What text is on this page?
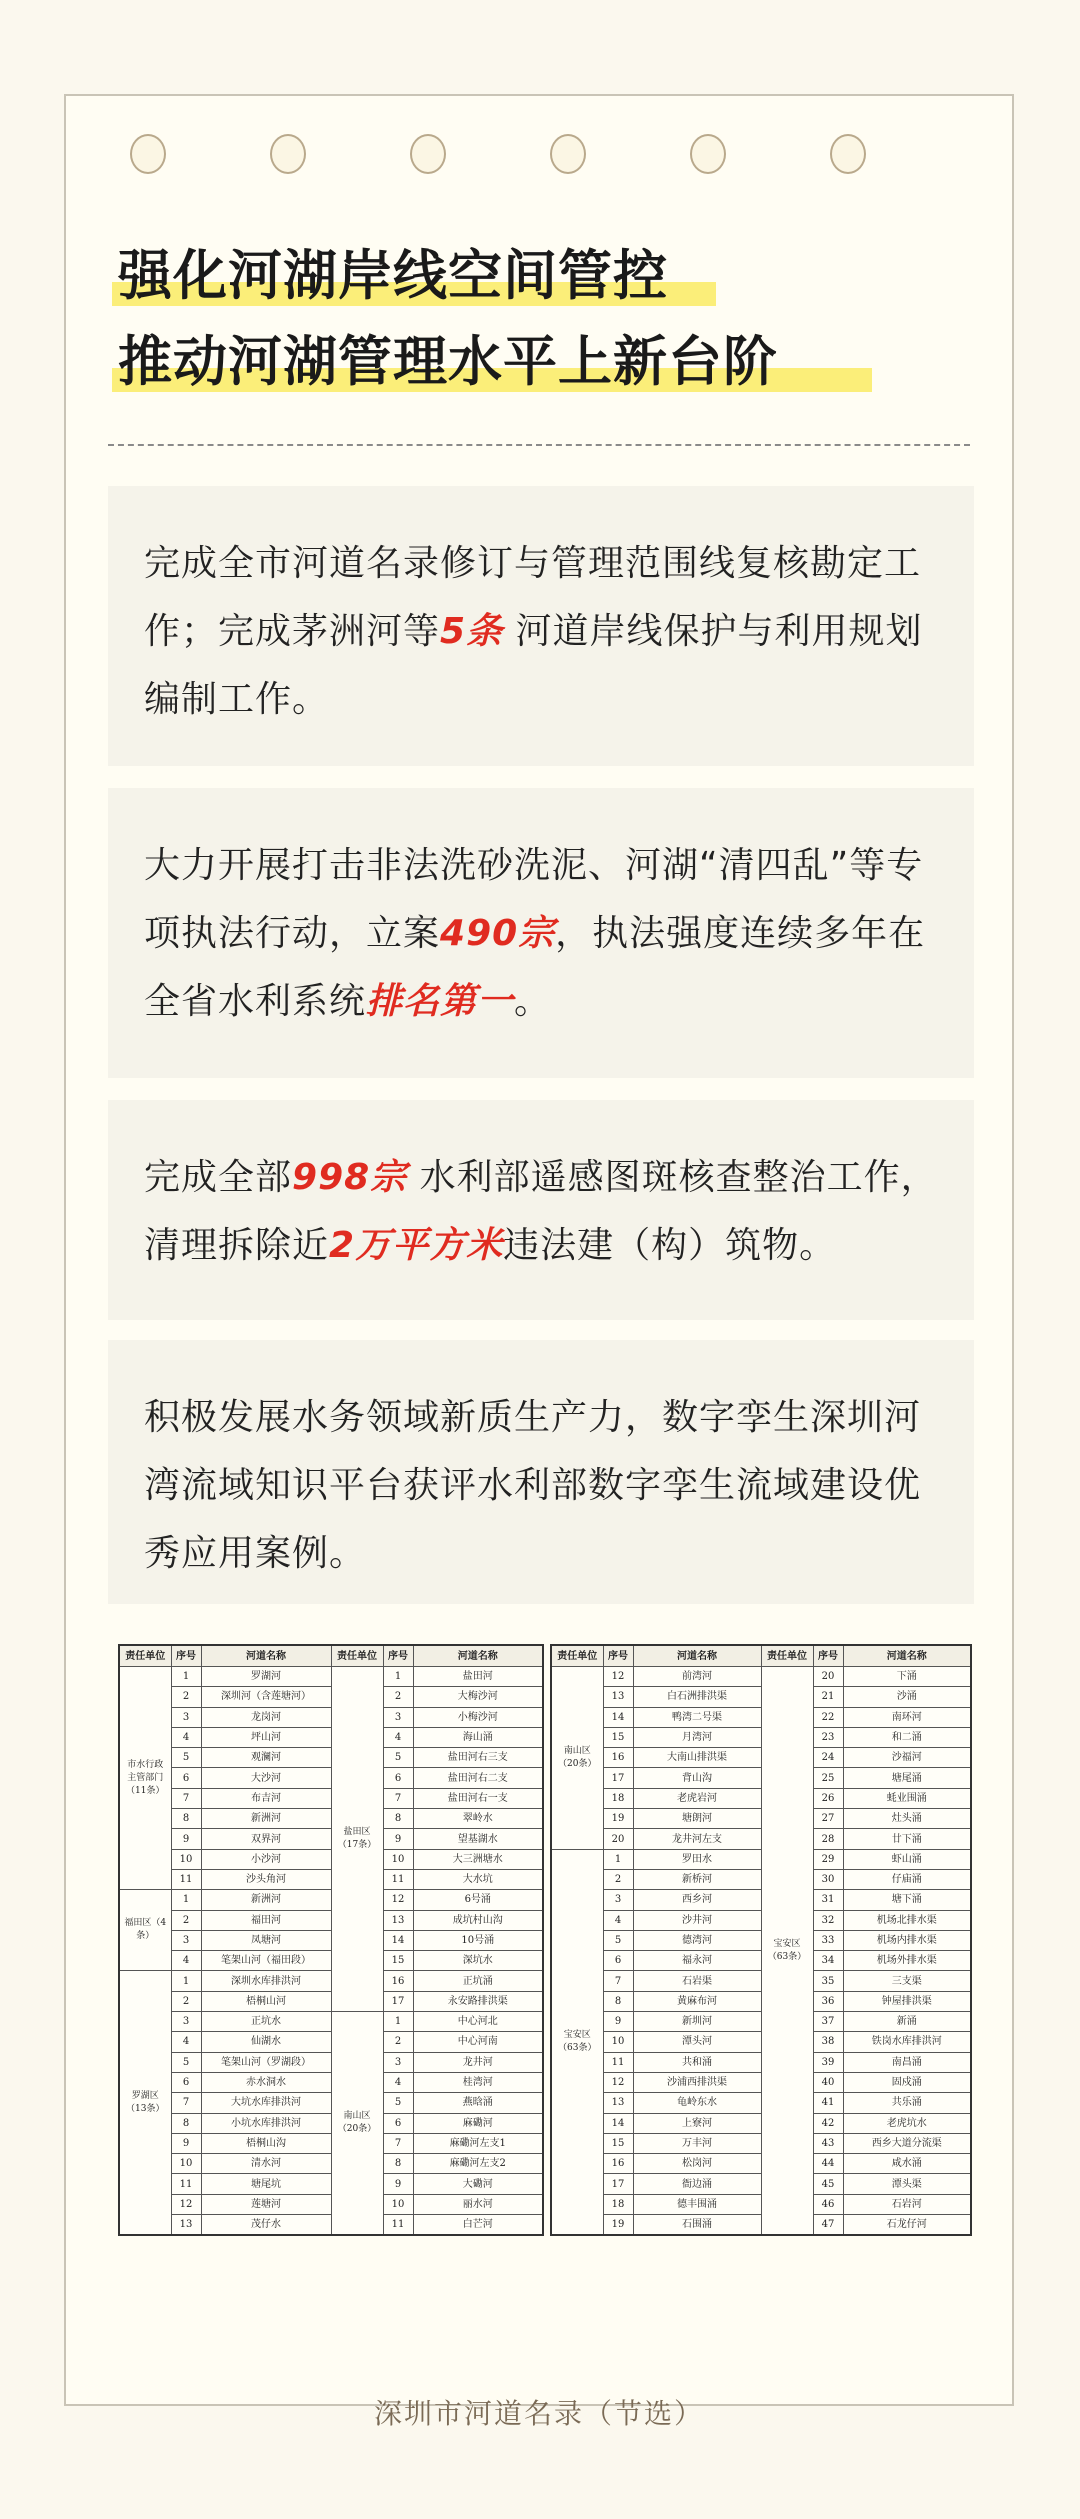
强化河湖岸线空间管控
推动河湖管理水平上新台阶

完成全市河道名录修订与管理范围线复核勘定工作；完成茅洲河等5条 河道岸线保护与利用规划编制工作。

大力开展打击非法洗砂洗泥、河湖“清四乱”等专项执法行动，立案490宗，执法强度连续多年在全省水利系统排名第一。

完成全部998宗 水利部遥感图斑核查整治工作，清理拆除近2万平方米违法建（构）筑物。

积极发展水务领域新质生产力，数字孪生深圳河湾流域知识平台获评水利部数字孪生流域建设优秀应用案例。

责任单位	序号	河道名称	责任单位	序号	河道名称
市水行政主管部门（11条）	1	罗湖河	盐田区（17条）	1	盐田河
	2	深圳河（含莲塘河）		2	大梅沙河
	3	龙岗河		3	小梅沙河
	4	坪山河		4	海山涌
	5	观澜河		5	盐田河右三支
	6	大沙河		6	盐田河右二支
	7	布吉河		7	盐田河右一支
	8	新洲河		8	翠岭水
	9	双界河		9	望基湖水
	10	小沙河		10	大三洲塘水
	11	沙头角河		11	大水坑
福田区（4条）	1	新洲河		12	6号涌
	2	福田河		13	成坑村山沟
	3	凤塘河		14	10号涌
	4	笔架山河（福田段）		15	深坑水
罗湖区（13条）	1	深圳水库排洪河		16	正坑涌
	2	梧桐山河		17	永安路排洪渠
	3	正坑水	南山区（20条）	1	中心河北
	4	仙湖水		2	中心河南
	5	笔架山河（罗湖段）		3	龙井河
	6	赤水洞水		4	桂湾河
	7	大坑水库排洪河		5	燕晗涌
	8	小坑水库排洪河		6	麻磡河
	9	梧桐山沟		7	麻磡河左支1
	10	清水河		8	麻磡河左支2
	11	塘尾坑		9	大磡河
	12	莲塘河		10	丽水河
	13	茂仔水		11	白芒河
责任单位	序号	河道名称	责任单位	序号	河道名称
南山区（20条）	12	前湾河	宝安区（63条）	20	下涌
	13	白石洲排洪渠		21	沙涌
	14	鸭湾二号渠		22	南环河
	15	月湾河		23	和二涌
	16	大南山排洪渠		24	沙福河
	17	背山沟		25	塘尾涌
	18	老虎岩河		26	蚝业围涌
	19	塘朗河		27	灶头涌
	20	龙井河左支		28	廿下涌
宝安区（63条）	1	罗田水		29	虾山涌
	2	新桥河		30	仔庙涌
	3	西乡河		31	塘下涌
	4	沙井河		32	机场北排水渠
	5	德湾河		33	机场内排水渠
	6	福永河		34	机场外排水渠
	7	石岩渠		35	三支渠
	8	黄麻布河		36	钟屋排洪渠
	9	新圳河		37	新涌
	10	潭头河		38	铁岗水库排洪河
	11	共和涌		39	南昌涌
	12	沙浦西排洪渠		40	固戍涌
	13	龟岭东水		41	共乐涌
	14	上寮河		42	老虎坑水
	15	万丰河		43	西乡大道分流渠
	16	松岗河		44	咸水涌
	17	衙边涌		45	潭头渠
	18	德丰围涌		46	石岩河
	19	石围涌		47	石龙仔河
深圳市河道名录（节选）
